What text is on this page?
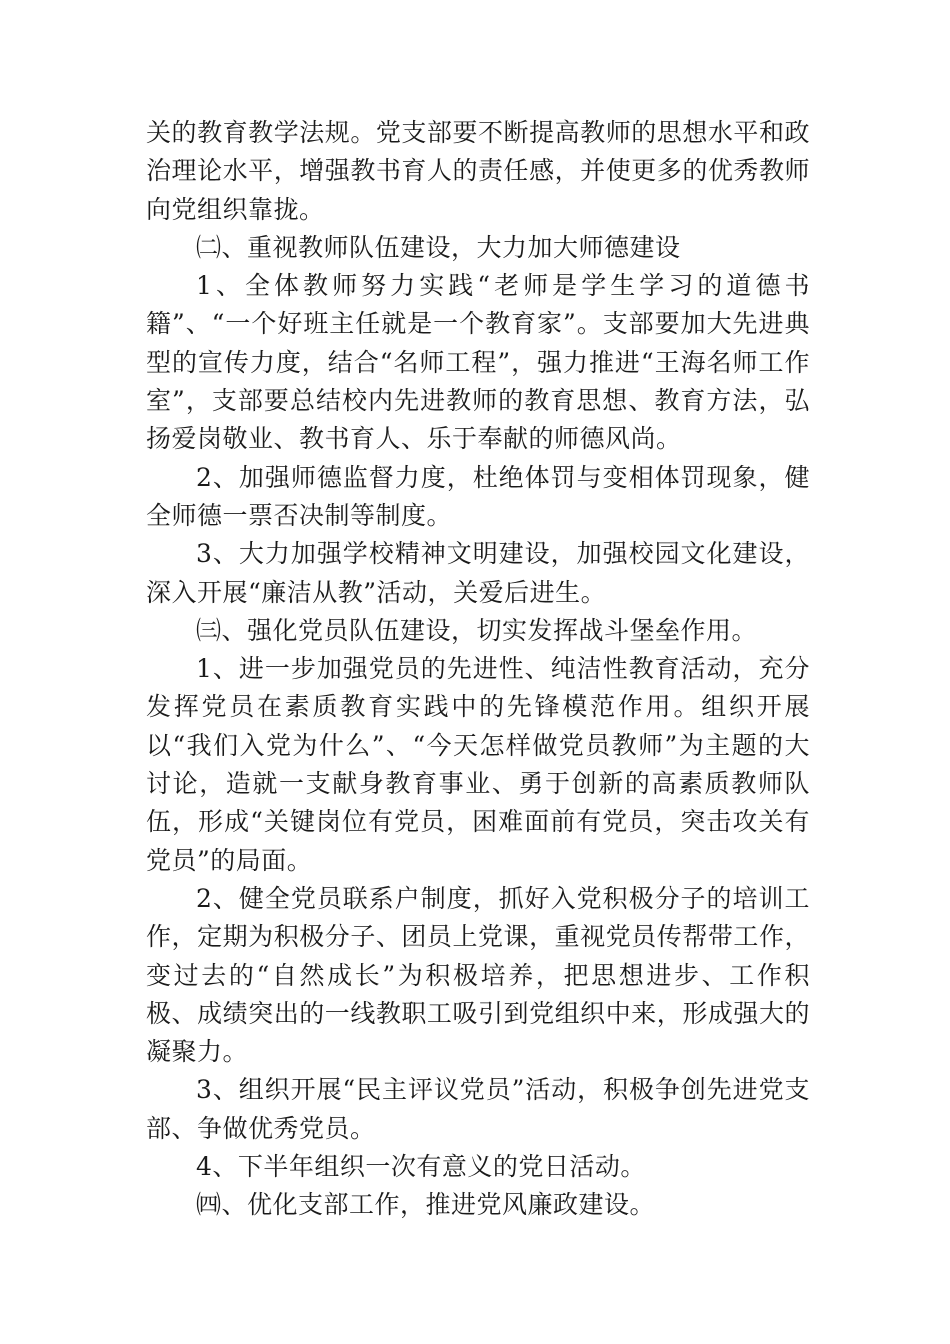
关的教育教学法规。党支部要不断提高教师的思想水平和政治理论水平，增强教书育人的责任感，并使更多的优秀教师向党组织靠拢。

㈡、重视教师队伍建设，大力加大师德建设

1、全体教师努力实践“老师是学生学习的道德书籍”、“一个好班主任就是一个教育家”。支部要加大先进典型的宣传力度，结合“名师工程”，强力推进“王海名师工作室”，支部要总结校内先进教师的教育思想、教育方法，弘扬爱岗敬业、教书育人、乐于奉献的师德风尚。

2、加强师德监督力度，杜绝体罚与变相体罚现象，健全师德一票否决制等制度。

3、大力加强学校精神文明建设，加强校园文化建设，深入开展“廉洁从教”活动，关爱后进生。

㈢、强化党员队伍建设，切实发挥战斗堡垒作用。

1、进一步加强党员的先进性、纯洁性教育活动，充分发挥党员在素质教育实践中的先锋模范作用。组织开展以“我们入党为什么”、“今天怎样做党员教师”为主题的大讨论，造就一支献身教育事业、勇于创新的高素质教师队伍，形成“关键岗位有党员，困难面前有党员，突击攻关有党员”的局面。

2、健全党员联系户制度，抓好入党积极分子的培训工作，定期为积极分子、团员上党课，重视党员传帮带工作，变过去的“自然成长”为积极培养，把思想进步、工作积极、成绩突出的一线教职工吸引到党组织中来，形成强大的凝聚力。

3、组织开展“民主评议党员”活动，积极争创先进党支部、争做优秀党员。

4、下半年组织一次有意义的党日活动。

㈣、优化支部工作，推进党风廉政建设。
